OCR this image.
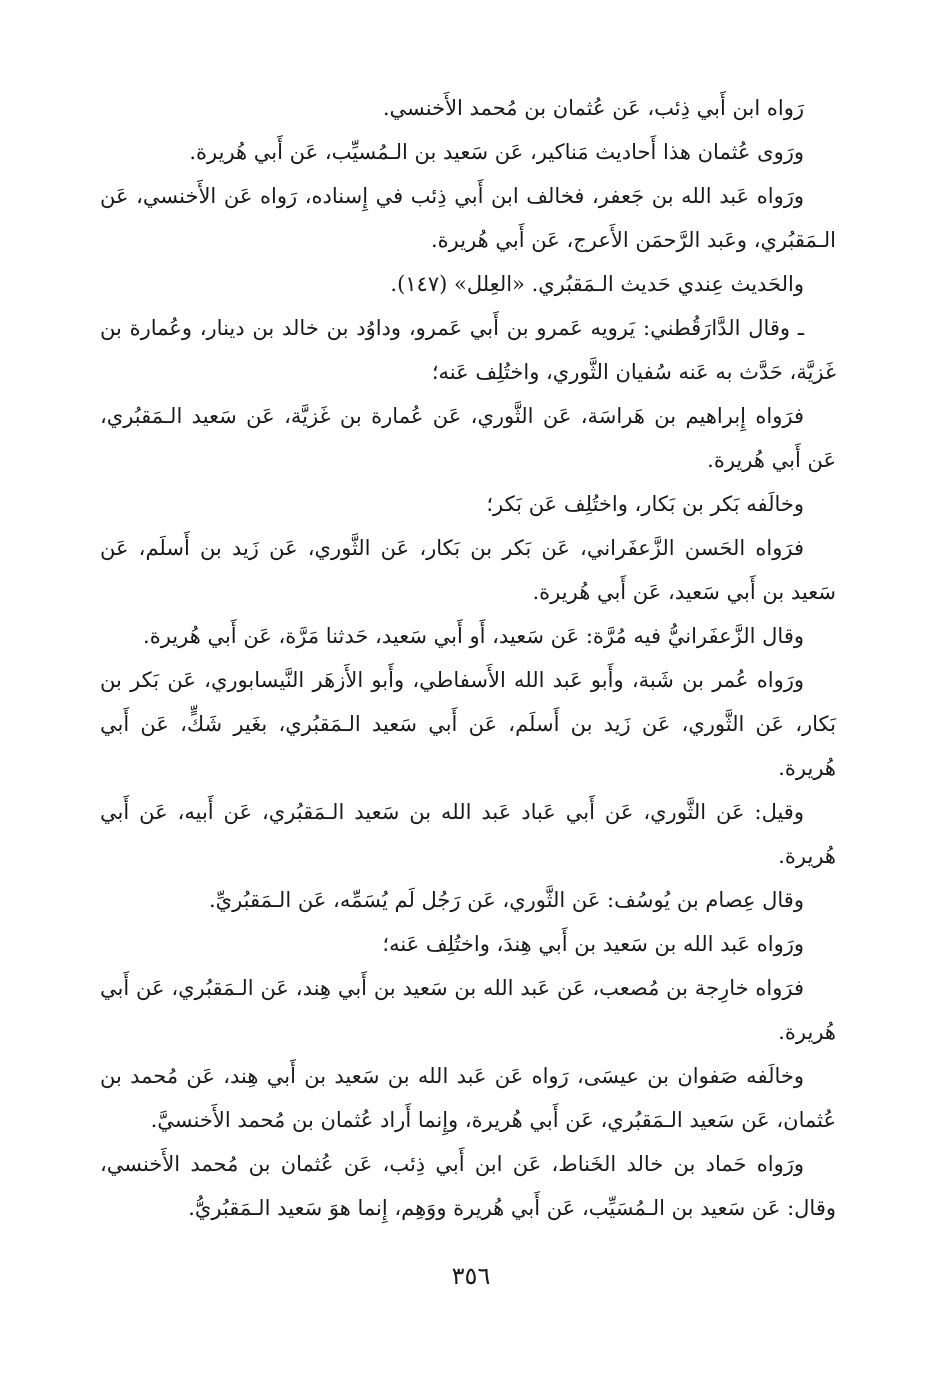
رَواه ابن أَبي ذِئب، عَن عُثمان بن مُحمد الأَخنسي.

ورَوى عُثمان هذا أَحاديث مَناكير، عَن سَعيد بن الـمُسيِّب، عَن أَبي هُريرة.

ورَواه عَبد الله بن جَعفر، فخالف ابن أَبي ذِئب في إِسناده، رَواه عَن الأَخنسي، عَن الـمَقبُري، وعَبد الرَّحمَن الأَعرج، عَن أَبي هُريرة.

والحَديث عِندي حَديث الـمَقبُري. «العِلل» (١٤٧).

ـ وقال الدَّارَقُطني: يَرويه عَمرو بن أَبي عَمرو، وداوُد بن خالد بن دينار، وعُمارة بن غَزيَّة، حَدَّث به عَنه سُفيان الثَّوري، واختُلِف عَنه؛

فرَواه إِبراهيم بن هَراسَة، عَن الثَّوري، عَن عُمارة بن غَزيَّة، عَن سَعيد الـمَقبُري، عَن أَبي هُريرة.

وخالَفه بَكر بن بَكار، واختُلِف عَن بَكر؛

فرَواه الحَسن الزَّعفَراني، عَن بَكر بن بَكار، عَن الثَّوري، عَن زَيد بن أَسلَم، عَن سَعيد بن أَبي سَعيد، عَن أَبي هُريرة.

وقال الزَّعفَرانيُّ فيه مُرَّة: عَن سَعيد، أَو أَبي سَعيد، حَدثنا مَرَّة، عَن أَبي هُريرة.

ورَواه عُمر بن شَبة، وأَبو عَبد الله الأَسفاطي، وأَبو الأَزهَر النَّيسابوري، عَن بَكر بن بَكار، عَن الثَّوري، عَن زَيد بن أَسلَم، عَن أَبي سَعيد الـمَقبُري، بغَير شَكٍّ، عَن أَبي هُريرة.

وقيل: عَن الثَّوري، عَن أَبي عَباد عَبد الله بن سَعيد الـمَقبُري، عَن أَبيه، عَن أَبي هُريرة.

وقال عِصام بن يُوسُف: عَن الثَّوري، عَن رَجُل لَم يُسَمِّه، عَن الـمَقبُريِّ.

ورَواه عَبد الله بن سَعيد بن أَبي هِندَ، واختُلِف عَنه؛

فرَواه خارِجة بن مُصعب، عَن عَبد الله بن سَعيد بن أَبي هِند، عَن الـمَقبُري، عَن أَبي هُريرة.

وخالَفه صَفوان بن عيسَى، رَواه عَن عَبد الله بن سَعيد بن أَبي هِند، عَن مُحمد بن عُثمان، عَن سَعيد الـمَقبُري، عَن أَبي هُريرة، وإِنما أَراد عُثمان بن مُحمد الأَخنسيَّ.

ورَواه حَماد بن خالد الخَناط، عَن ابن أَبي ذِئب، عَن عُثمان بن مُحمد الأَخنسي، وقال: عَن سَعيد بن الـمُسَيِّب، عَن أَبي هُريرة ووَهِم، إِنما هوَ سَعيد الـمَقبُريُّ.

٣٥٦
